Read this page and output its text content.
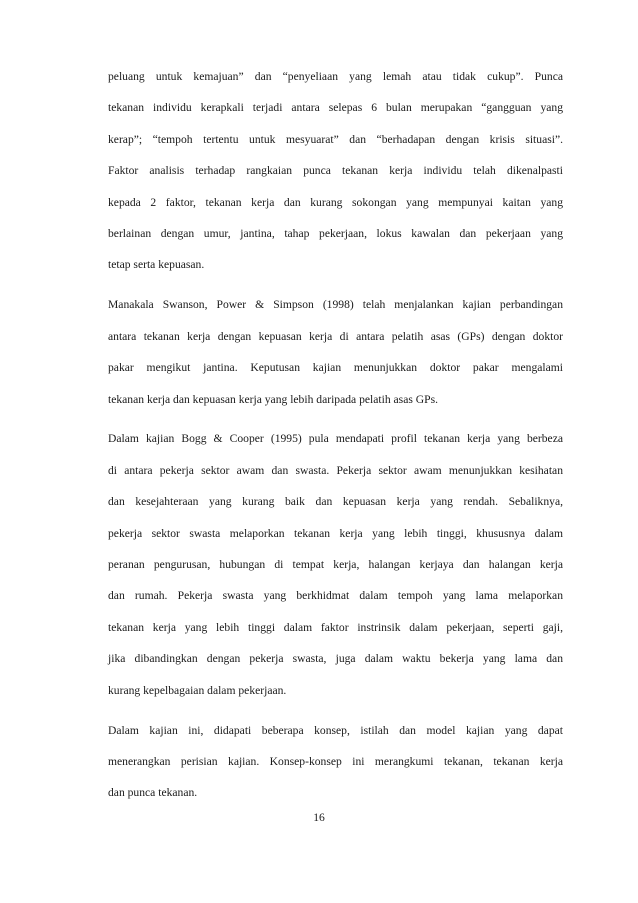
peluang untuk kemajuan” dan “penyeliaan yang lemah atau tidak cukup”. Punca
tekanan individu kerapkali terjadi antara selepas 6 bulan merupakan “gangguan yang
kerap”; “tempoh tertentu untuk mesyuarat” dan “berhadapan dengan krisis situasi”.
Faktor analisis terhadap rangkaian punca tekanan kerja individu telah dikenalpasti
kepada 2 faktor, tekanan kerja dan kurang sokongan yang mempunyai kaitan yang
berlainan dengan umur, jantina, tahap pekerjaan, lokus kawalan dan pekerjaan yang
tetap serta kepuasan.
Manakala Swanson, Power & Simpson (1998) telah menjalankan kajian perbandingan
antara tekanan kerja dengan kepuasan kerja di antara pelatih asas (GPs) dengan doktor
pakar mengikut jantina. Keputusan kajian menunjukkan doktor pakar mengalami
tekanan kerja dan kepuasan kerja yang lebih daripada pelatih asas GPs.
Dalam kajian Bogg & Cooper (1995) pula mendapati profil tekanan kerja yang berbeza
di antara pekerja sektor awam dan swasta. Pekerja sektor awam menunjukkan kesihatan
dan kesejahteraan yang kurang baik dan kepuasan kerja yang rendah. Sebaliknya,
pekerja sektor swasta melaporkan tekanan kerja yang lebih tinggi, khususnya dalam
peranan pengurusan, hubungan di tempat kerja, halangan kerjaya dan halangan kerja
dan rumah. Pekerja swasta yang berkhidmat dalam tempoh yang lama melaporkan
tekanan kerja yang lebih tinggi dalam faktor instrinsik dalam pekerjaan, seperti gaji,
jika dibandingkan dengan pekerja swasta, juga dalam waktu bekerja yang lama dan
kurang kepelbagaian dalam pekerjaan.
Dalam kajian ini, didapati beberapa konsep, istilah dan model kajian yang dapat
menerangkan perisian kajian. Konsep-konsep ini merangkumi tekanan, tekanan kerja
dan punca tekanan.
16
